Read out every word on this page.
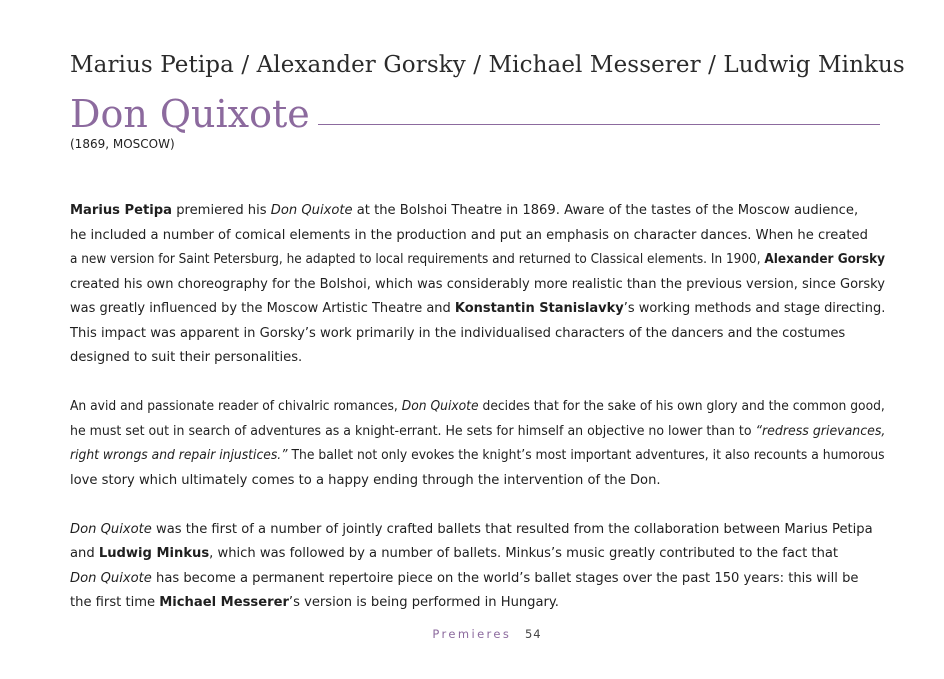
Marius Petipa / Alexander Gorsky / Michael Messerer / Ludwig Minkus
Don Quixote
(1869, MOSCOW)
Marius Petipa premiered his Don Quixote at the Bolshoi Theatre in 1869. Aware of the tastes of the Moscow audience,
he included a number of comical elements in the production and put an emphasis on character dances. When he created
a new version for Saint Petersburg, he adapted to local requirements and returned to Classical elements. In 1900, Alexander Gorsky
created his own choreography for the Bolshoi, which was considerably more realistic than the previous version, since Gorsky
was greatly influenced by the Moscow Artistic Theatre and Konstantin Stanislavky’s working methods and stage directing.
This impact was apparent in Gorsky’s work primarily in the individualised characters of the dancers and the costumes
designed to suit their personalities.
An avid and passionate reader of chivalric romances, Don Quixote decides that for the sake of his own glory and the common good,
he must set out in search of adventures as a knight-errant. He sets for himself an objective no lower than to “redress grievances,
right wrongs and repair injustices.” The ballet not only evokes the knight’s most important adventures, it also recounts a humorous
love story which ultimately comes to a happy ending through the intervention of the Don.
Don Quixote was the first of a number of jointly crafted ballets that resulted from the collaboration between Marius Petipa
and Ludwig Minkus, which was followed by a number of ballets. Minkus’s music greatly contributed to the fact that
Don Quixote has become a permanent repertoire piece on the world’s ballet stages over the past 150 years: this will be
the first time Michael Messerer’s version is being performed in Hungary.
Premieres 54
